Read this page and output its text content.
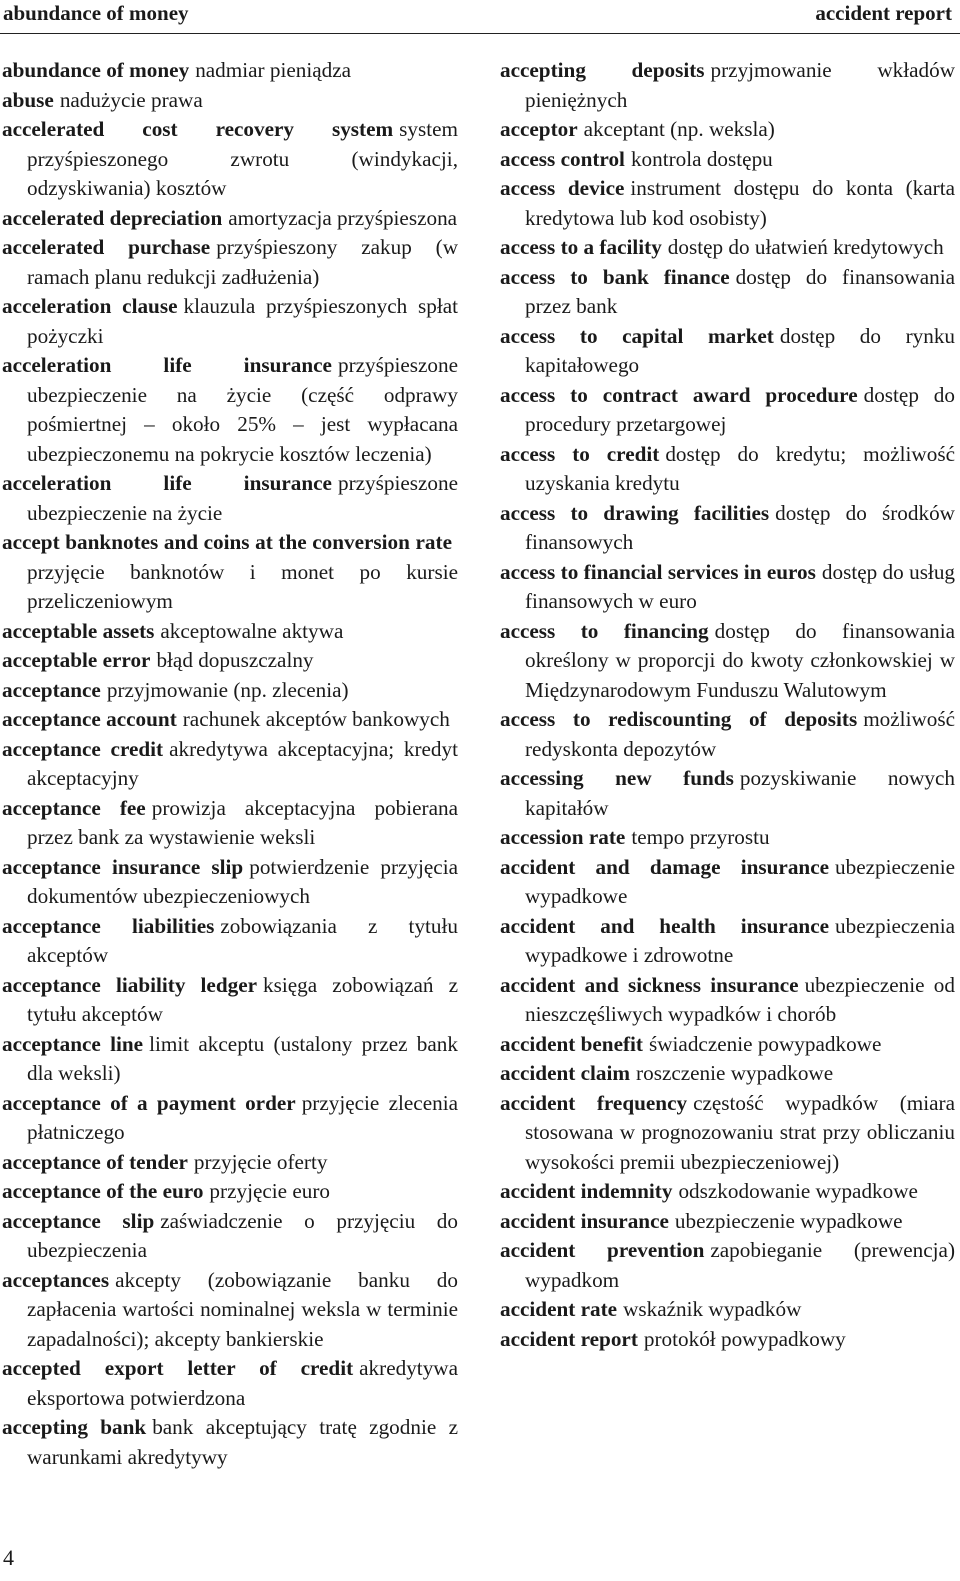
abundance of money	accident report
abundance of money nadmiar pieniądza
abuse nadużycie prawa
accelerated cost recovery system system przyśpieszonego zwrotu (windykacji, odzyskiwania) kosztów
accelerated depreciation amortyzacja przyśpieszona
accelerated purchase przyśpieszony zakup (w ramach planu redukcji zadłużenia)
acceleration clause klauzula przyśpieszonych spłat pożyczki
acceleration life insurance przyśpieszone ubezpieczenie na życie (część odprawy pośmiertnej – około 25% – jest wypłacana ubezpieczonemu na pokrycie kosztów leczenia)
acceleration life insurance przyśpieszone ubezpieczenie na życie
accept banknotes and coins at the conversion rateprzyjęcie banknotów i monet po kursie przeliczeniowym
acceptable assets akceptowalne aktywa
acceptable error błąd dopuszczalny
acceptance przyjmowanie (np. zlecenia)
acceptance account rachunek akceptów bankowych
acceptance credit akredytywa akceptacyjna; kredyt akceptacyjny
acceptance fee prowizja akceptacyjna pobierana przez bank za wystawienie weksli
acceptance insurance slip potwierdzenie przyjęcia dokumentów ubezpieczeniowych
acceptance liabilities zobowiązania z tytułu akceptów
acceptance liability ledger księga zobowiązań z tytułu akceptów
acceptance line limit akceptu (ustalony przez bank dla weksli)
acceptance of a payment order przyjęcie zlecenia płatniczego
acceptance of tender przyjęcie oferty
acceptance of the euro przyjęcie euro
acceptance slip zaświadczenie o przyjęciu do ubezpieczenia
acceptances akcepty (zobowiązanie banku do zapłacenia wartości nominalnej weksla w terminie zapadalności); akcepty bankierskie
accepted export letter of credit akredytywa eksportowa potwierdzona
accepting bank bank akceptujący tratę zgodnie z warunkami akredytywy
accepting deposits przyjmowanie wkładów pieniężnych
acceptor akceptant (np. weksla)
access control kontrola dostępu
access device instrument dostępu do konta (karta kredytowa lub kod osobisty)
access to a facility dostęp do ułatwień kredytowych
access to bank finance dostęp do finansowania przez bank
access to capital market dostęp do rynku kapitałowego
access to contract award procedure dostęp do procedury przetargowej
access to credit dostęp do kredytu; możliwość uzyskania kredytu
access to drawing facilities dostęp do środków finansowych
access to financial services in euros dostęp do usług finansowych w euro
access to financing dostęp do finansowania określony w proporcji do kwoty członkowskiej w Międzynarodowym Funduszu Walutowym
access to rediscounting of deposits możliwość redyskonta depozytów
accessing new funds pozyskiwanie nowych kapitałów
accession rate tempo przyrostu
accident and damage insurance ubezpieczenie wypadkowe
accident and health insurance ubezpieczenia wypadkowe i zdrowotne
accident and sickness insurance ubezpieczenie od nieszczęśliwych wypadków i chorób
accident benefit świadczenie powypadkowe
accident claim roszczenie wypadkowe
accident frequency częstość wypadków (miara stosowana w prognozowaniu strat przy obliczaniu wysokości premii ubezpieczeniowej)
accident indemnity odszkodowanie wypadkowe
accident insurance ubezpieczenie wypadkowe
accident prevention zapobieganie (prewencja) wypadkom
accident rate wskaźnik wypadków
accident report protokół powypadkowy
4
